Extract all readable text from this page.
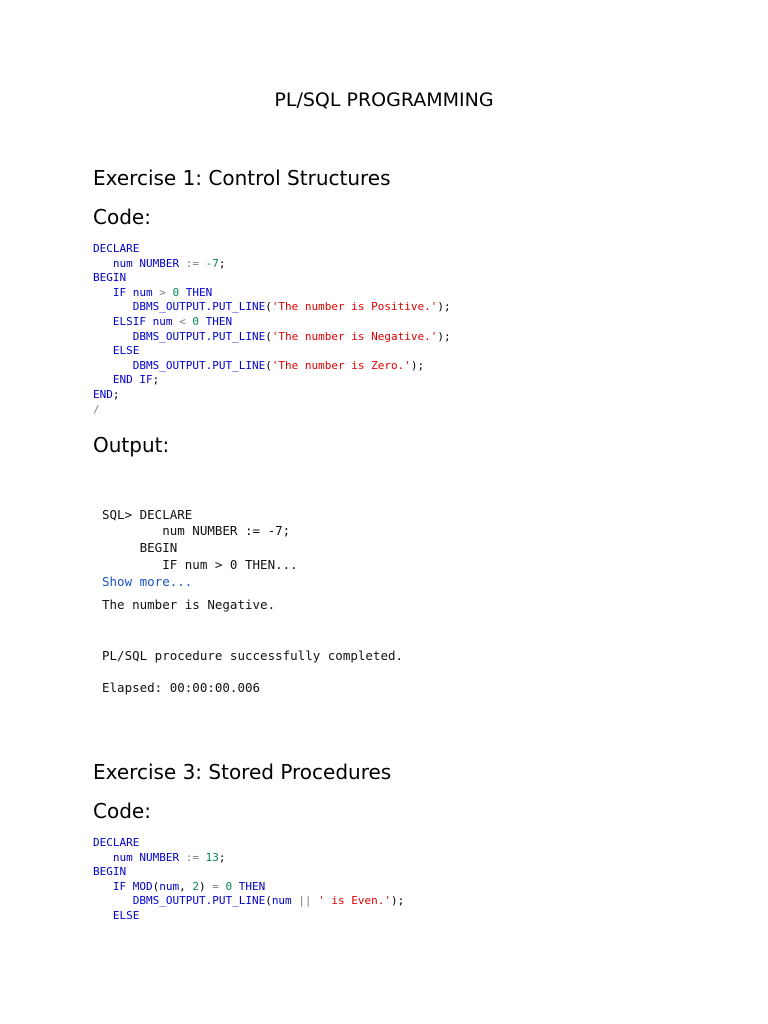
PL/SQL PROGRAMMING
Exercise 1: Control Structures
Code:
DECLARE
num NUMBER := -7;
BEGIN
IF num > 0 THEN
DBMS_OUTPUT.PUT_LINE('The number is Positive.');
ELSIF num < 0 THEN
DBMS_OUTPUT.PUT_LINE('The number is Negative.');
ELSE
DBMS_OUTPUT.PUT_LINE('The number is Zero.');
END IF;
END;
/
Output:

SQL> DECLARE
num NUMBER := -7;
BEGIN
IF num > 0 THEN...
Show more...

The number is Negative.
PL/SQL procedure successfully completed.
Elapsed: 00:00:00.006
Exercise 3: Stored Procedures
Code:
DECLARE
num NUMBER := 13;
BEGIN
IF MOD(num, 2) = 0 THEN
DBMS_OUTPUT.PUT_LINE(num || ' is Even.');
ELSE
